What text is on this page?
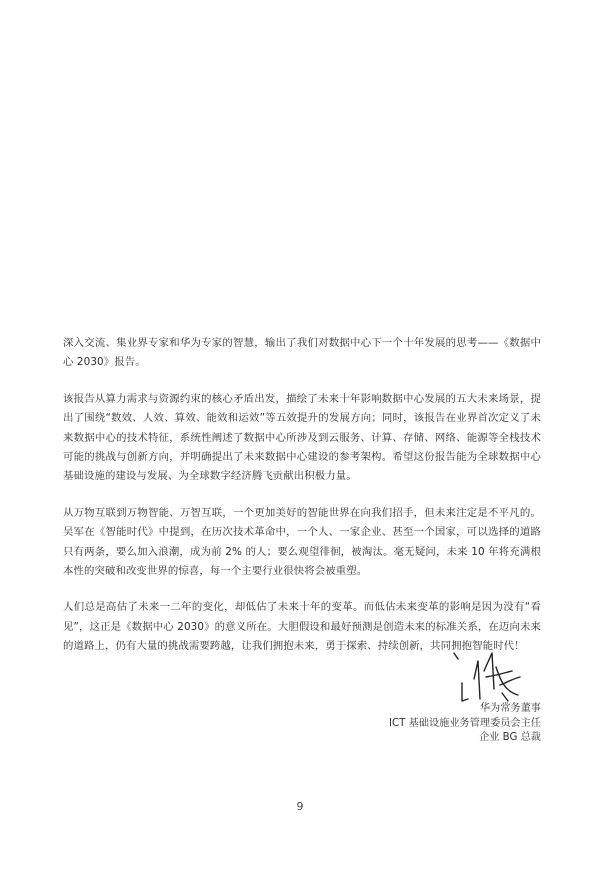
深入交流、集业界专家和华为专家的智慧，输出了我们对数据中心下一个十年发展的思考——《数据中心 2030》报告。

该报告从算力需求与资源约束的核心矛盾出发，描绘了未来十年影响数据中心发展的五大未来场景，提出了围绕“数效、人效、算效、能效和运效”等五效提升的发展方向；同时，该报告在业界首次定义了未来数据中心的技术特征，系统性阐述了数据中心所涉及到云服务、计算、存储、网络、能源等全栈技术可能的挑战与创新方向，并明确提出了未来数据中心建设的参考架构。希望这份报告能为全球数据中心基础设施的建设与发展、为全球数字经济腾飞贡献出积极力量。

从万物互联到万物智能、万智互联，一个更加美好的智能世界在向我们招手，但未来注定是不平凡的。吴军在《智能时代》中提到，在历次技术革命中，一个人、一家企业、甚至一个国家，可以选择的道路只有两条，要么加入浪潮，成为前 2% 的人；要么观望徘徊，被淘汰。毫无疑问，未来 10 年将充满根本性的突破和改变世界的惊喜，每一个主要行业很快将会被重塑。

人们总是高估了未来一二年的变化，却低估了未来十年的变革。而低估未来变革的影响是因为没有“看见”，这正是《数据中心 2030》的意义所在。大胆假设和最好预测是创造未来的标准关系，在迈向未来的道路上，仍有大量的挑战需要跨越，让我们拥抱未来，勇于探索、持续创新，共同拥抱智能时代！

华为常务董事
ICT 基础设施业务管理委员会主任
企业 BG 总裁
9
